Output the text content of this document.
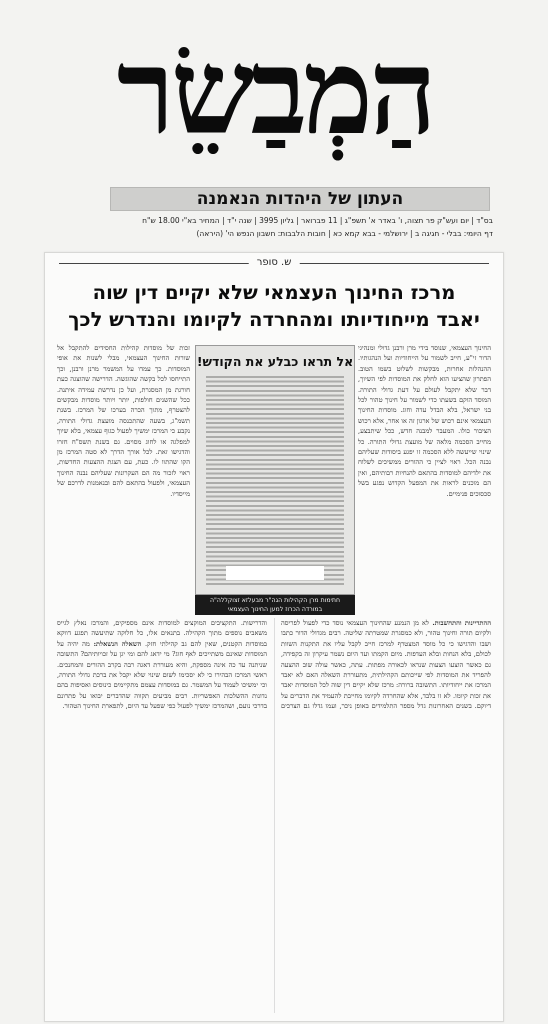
הַמְבַשֵׂר
העתון של היהדות הנאמנה
בס"ד | יום ועש"ק פר תצוה, ו' באדר א' תשפ"ג | 11 פברואר | גליון 3995 | שנה י"ד | המחיר בא"י 18.00 ש"ח
דף היומי: בבלי - חגיגה ב | ירושלמי - בבא קמא כא | חובות הלבבות: חשבון הנפש הי' (היראה)
ש. סופר
מרכז החינוך העצמאי שלא יקיים דין שוה
יאבד מייחודיותו ומהחרדה לקיומו והנדרש לכך
החינוך העצמאי, שנוסד בידי מרן ורבנן גדולי ומנהיגי הדור זי"ע, חייב לשמור על הייחודיות ועל הנהגותיו. ההנהלות אחרות, מבקשות לשלוט בשמו הטוב. הפתרון שהציעו הוא לחלק את המוסדות לפי השיוך, דבר שלא יתקבל לעולם על דעת גדולי התורה. המוסד הוקם בשעתו כדי לשמור על חינוך טהור לכל בני ישראל, בלא הבדל עדה וחוג. מוסדות החינוך העצמאי אינם רכוש של ארגון זה או אחר, אלא רכוש הציבור כולו. המעבר למבנה חדש, ככל שיתבצע, מחייב הסכמה מלאה של מועצת גדולי התורה. כל שינוי שייעשה ללא הסכמה זו יפגע ביסודות שעליהם נבנה הכל. ראוי לציין כי ההורים ממשיכים לשלוח את ילדיהם למוסדות בהתאם להנחיות רבותיהם, ואין הם מוכנים לראות את המפעל הקדוש נפגע בשל סכסוכים פנימיים.
זכות של מוסדות קהילות החסידים להתקבל אל שורות החינוך העצמאי, מבלי לשנות את אופי המוסדות. כך עמדו על המשמר מרנן ורבנן, וכך התייחסו לכל בקשה שהוגשה. הדרישה שהוצגה כעת חורגת מן המסגרת, ועל כן נדרשת עמידה איתנה. ככל שהשנים חולפות, יותר ויותר מוסדות מבקשים להצטרף, מתוך הכרה בערכו של המרכז. בשנת תשמ"ג, בשעה שהתכנסה מועצת גדולי התורה, נקבע כי המרכז ימשיך לפעול כגוף עצמאי, בלא שיוך למפלגה או לחוג מסוים. גם בשנת תשס"ח חזרו והדגישו זאת. לכל אורך הדרך לא סטה המרכז מן הקו שהתוו לו. כעת, עם הצגת ההצעות החדשות, ראוי לזכור מה הם העקרונות שעליהם נבנה החינוך העצמאי, ולפעול בהתאם להם ובנאמנות לדרכם של מייסדיו.
אל תראו כבלע את הקודש!
חתימות מרן הקהילות הגה"ר מבעלזא זצוקללה"ה במורדה הכרוז למען החינוך העצמאי
ההתדיינות והתחשבות. לא מן הנמנע שהחינוך העצמאי נוסד כדי לפעול לפריסה ולקיום תורה וחינוך טהור, ולא כמסגרת שמטרתה שליטה. רבים מגדולי הדור כתבו ושבו והדגישו כי כל מוסד המצטרף למרכז חייב לקבל עליו את התקנות השוות לכולם, בלא הנחות ובלא העדפות. מיום הקמתו ועד היום נשמר עיקרון זה בקפידה, גם כאשר הוצעו הצעות שנראו לכאורה מפתות. עתה, כאשר עולה שוב ההצעה להפריד את המוסדות לפי שייכותם הקהילתית, מתעוררת השאלה האם לא יאבד המרכז את ייחודיותו. התשובה ברורה: מרכז שלא יקיים דין שוה לכל המוסדות יאבד את זכות קיומו. לא זו בלבד, אלא שהחרדה לקיומו מחייבת להעמיד את הדברים על דיוקם. בשנים האחרונות גדל מספר התלמידים באופן ניכר, ועמו גדלו גם הצרכים והדרישות. התקציבים המוקצים למוסדות אינם מספיקים, והמרכז נאלץ לגייס משאבים נוספים מתוך הקהילה. בתנאים אלו, כל חלוקה שתיעשה תפגע דווקא במוסדות הקטנים, שאין להם גב קהילתי חזק. השאלה הנשאלת: מה יהיה על המוסדות שאינם משתייכים לאף חוג? מי ידאג להם ומי יגן על זכויותיהם? התשובה שניתנה עד כה אינה מספקת, והיא מעוררת דאגה רבה בקרב ההורים והמחנכים. ראשי המרכז הבהירו כי לא יסכימו לשום שינוי שלא יקבל את ברכת גדולי התורה, וכי ימשיכו לעמוד על המשמר. גם במוסדות עצמם מתקיימים כינוסים ואסיפות בהם נדונות ההשלכות האפשריות. רבים מביעים תקווה שהדברים יבואו על פתרונם בדרכי נועם, ושהמרכז ימשיך לפעול כפי שפעל עד היום, לתפארת החינוך הטהור.
